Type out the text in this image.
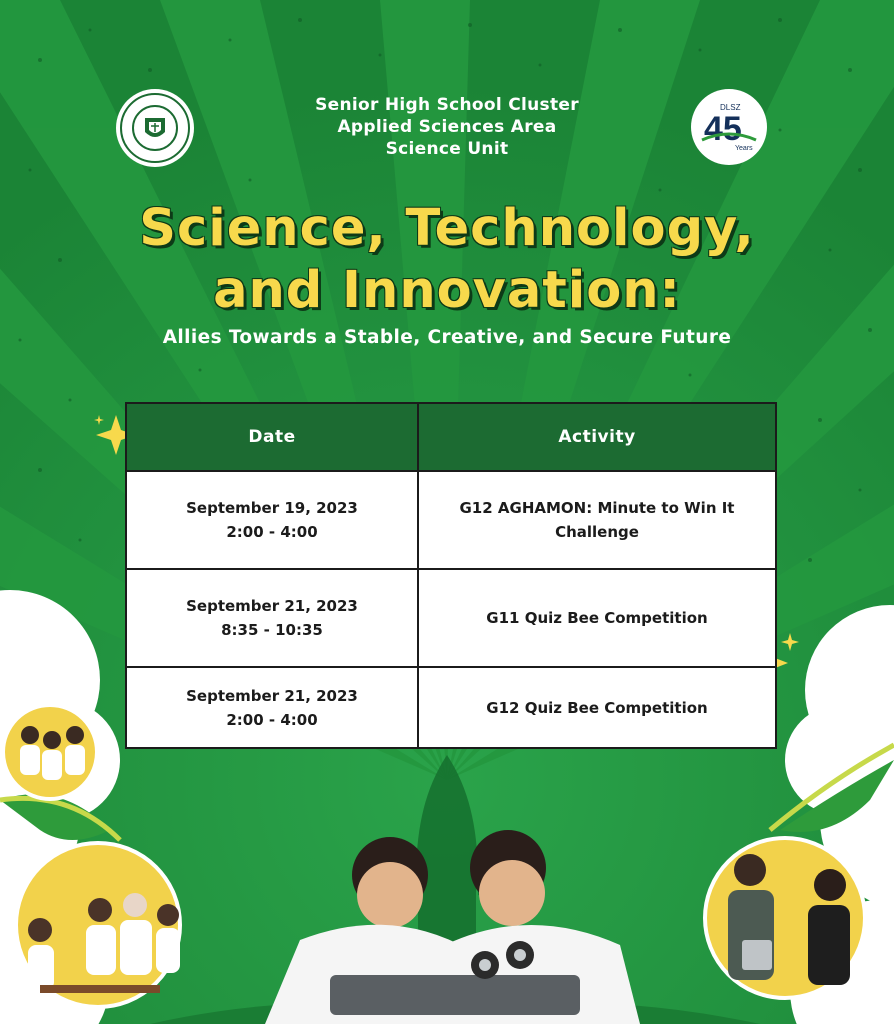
45
DLSZ
Years
Senior High School Cluster
Applied Sciences Area
Science Unit
Science, Technology,
and Innovation:
Allies Towards a Stable, Creative, and Secure Future
Date	Activity
September 19, 2023
2:00 - 4:00
G12 AGHAMON: Minute to Win It Challenge
September 21, 2023
8:35 - 10:35
G11 Quiz Bee Competition
September 21, 2023
2:00 - 4:00
G12 Quiz Bee Competition
